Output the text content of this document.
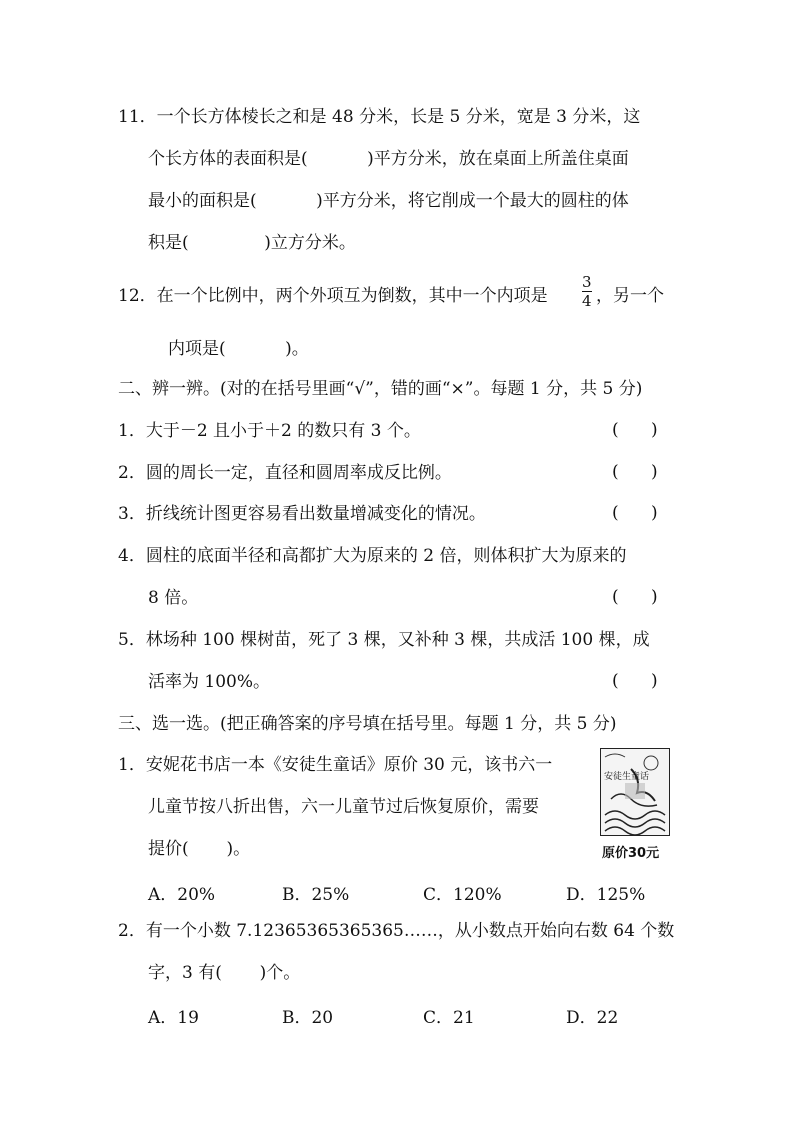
11．一个长方体棱长之和是 48 分米，长是 5 分米，宽是 3 分米，这
个长方体的表面积是(           )平方分米，放在桌面上所盖住桌面
最小的面积是(           )平方分米，将它削成一个最大的圆柱的体
积是(              )立方分米。
12．在一个比例中，两个外项互为倒数，其中一个内项是
3
4 ，另一个
内项是(           )。
二、辨一辨。(对的在括号里画“√”，错的画“×”。每题 1 分，共 5 分)
1．大于－2 且小于＋2 的数只有 3 个。	(      )
2．圆的周长一定，直径和圆周率成反比例。	(      )
3．折线统计图更容易看出数量增减变化的情况。	(      )
4．圆柱的底面半径和高都扩大为原来的 2 倍，则体积扩大为原来的
8 倍。	(      )
5．林场种 100 棵树苗，死了 3 棵，又补种 3 棵，共成活 100 棵，成
活率为 100%。	(      )
三、选一选。(把正确答案的序号填在括号里。每题 1 分，共 5 分)
1．安妮花书店一本《安徒生童话》原价 30 元，该书六一
儿童节按八折出售，六一儿童节过后恢复原价，需要
提价(       )。
安徒生童话
原价30元
A．20%	B．25%	C．120%	D．125%
2．有一个小数 7.12365365365365……，从小数点开始向右数 64 个数
字，3 有(       )个。
A．19	B．20	C．21	D．22
